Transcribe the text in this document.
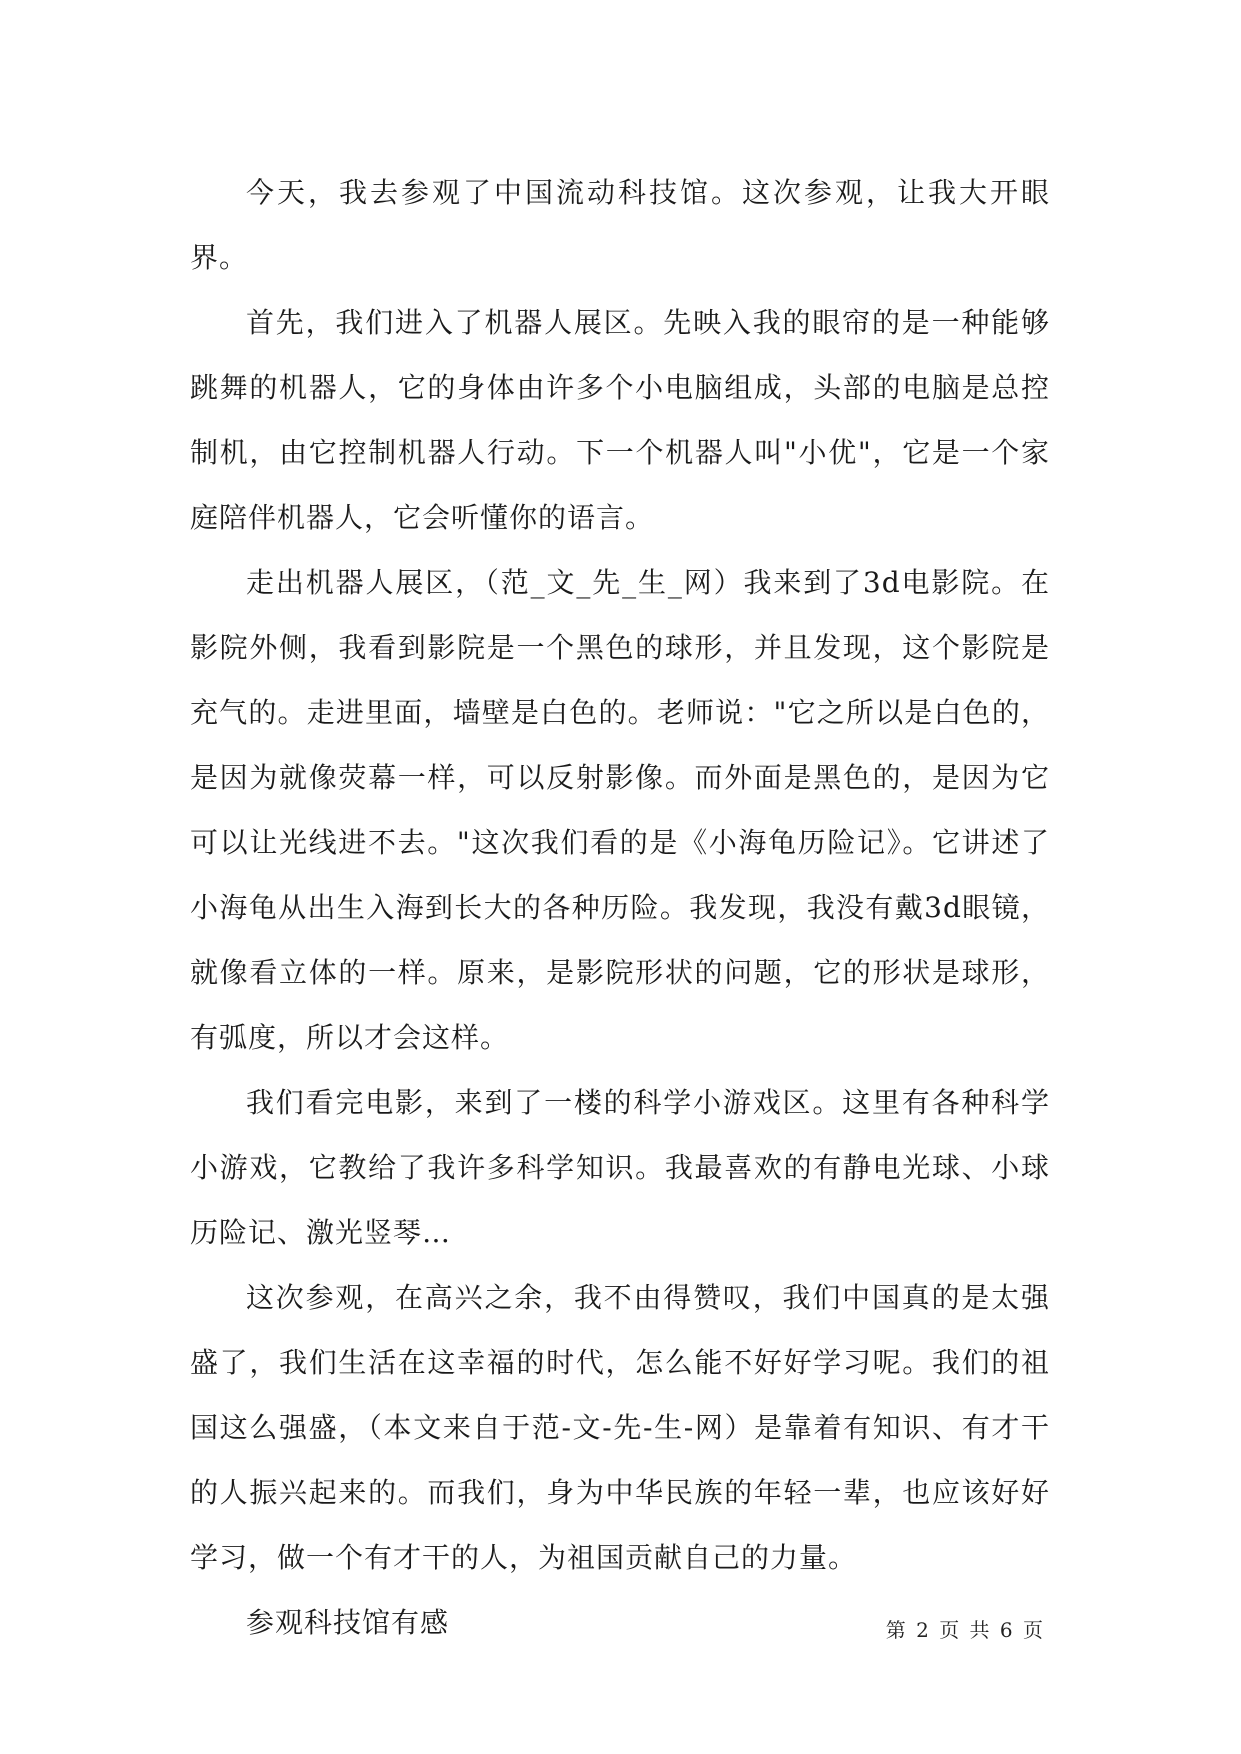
今天，我去参观了中国流动科技馆。这次参观，让我大开眼界。

首先，我们进入了机器人展区。先映入我的眼帘的是一种能够跳舞的机器人，它的身体由许多个小电脑组成，头部的电脑是总控制机，由它控制机器人行动。下一个机器人叫"小优"，它是一个家庭陪伴机器人，它会听懂你的语言。

走出机器人展区，（范_文_先_生_网）我来到了3d电影院。在影院外侧，我看到影院是一个黑色的球形，并且发现，这个影院是充气的。走进里面，墙壁是白色的。老师说："它之所以是白色的，是因为就像荧幕一样，可以反射影像。而外面是黑色的，是因为它可以让光线进不去。"这次我们看的是《小海龟历险记》。它讲述了小海龟从出生入海到长大的各种历险。我发现，我没有戴3d眼镜，就像看立体的一样。原来，是影院形状的问题，它的形状是球形，有弧度，所以才会这样。

我们看完电影，来到了一楼的科学小游戏区。这里有各种科学小游戏，它教给了我许多科学知识。我最喜欢的有静电光球、小球历险记、激光竖琴…

这次参观，在高兴之余，我不由得赞叹，我们中国真的是太强盛了，我们生活在这幸福的时代，怎么能不好好学习呢。我们的祖国这么强盛，（本文来自于范-文-先-生-网）是靠着有知识、有才干的人振兴起来的。而我们，身为中华民族的年轻一辈，也应该好好学习，做一个有才干的人，为祖国贡献自己的力量。

参观科技馆有感	第 2 页 共 6 页
